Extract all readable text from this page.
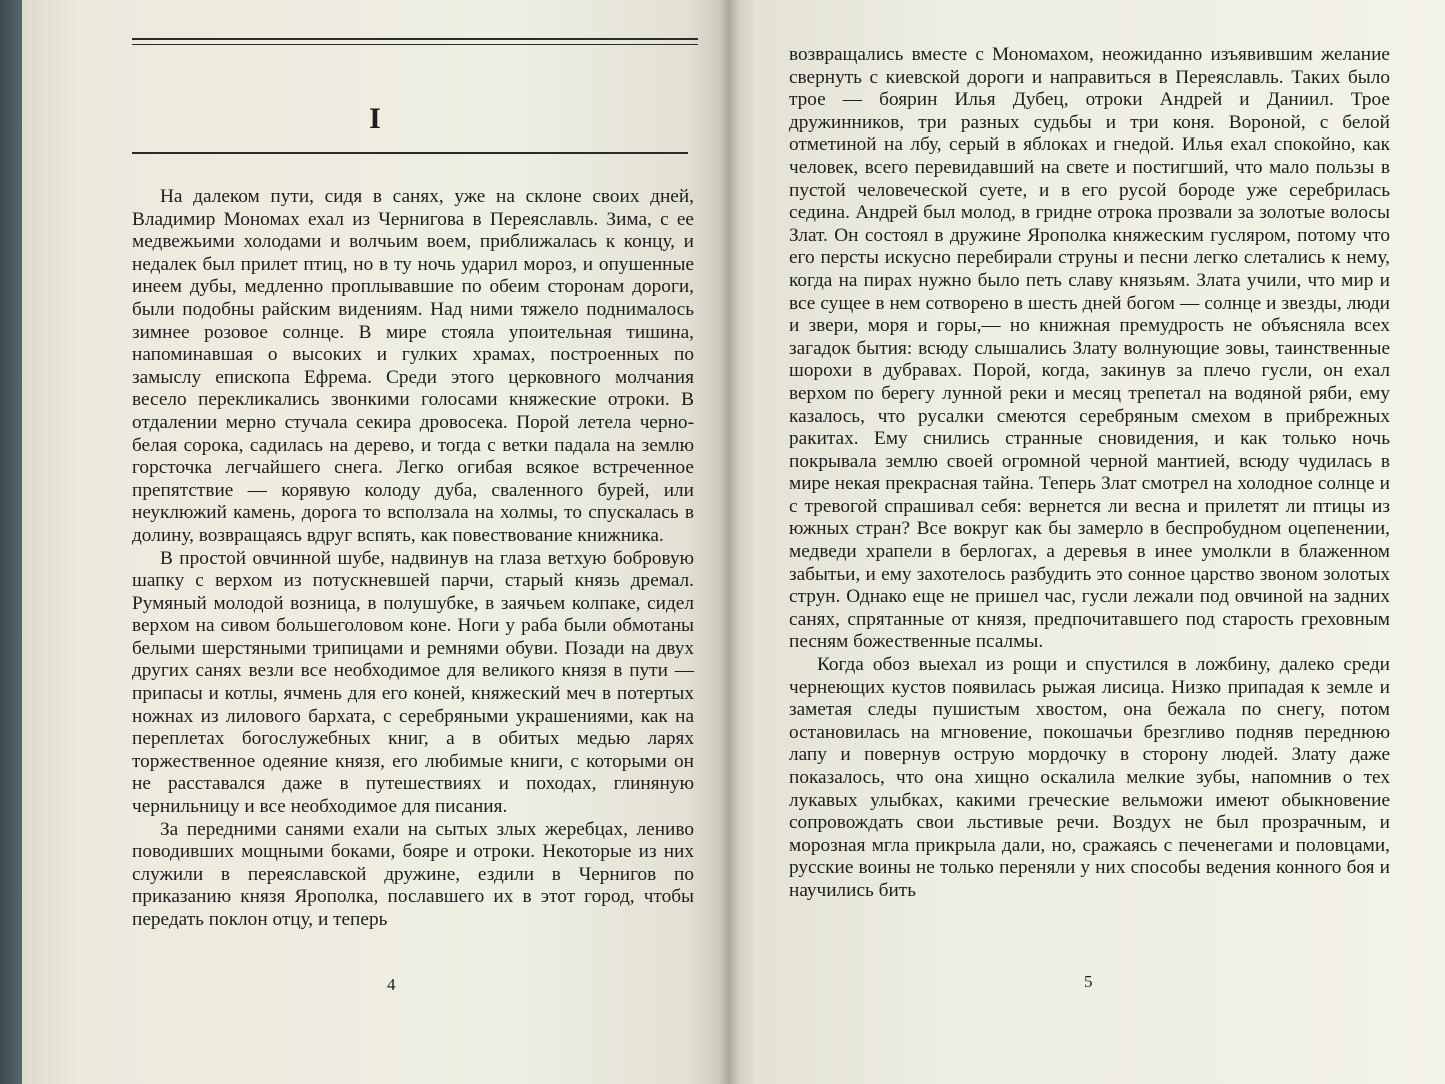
I

На далеком пути, сидя в санях, уже на склоне своих дней, Владимир Мономах ехал из Чернигова в Переяславль. Зима, с ее медвежьими холодами и волчьим воем, приближалась к концу, и недалек был прилет птиц, но в ту ночь ударил мороз, и опушенные инеем дубы, медленно проплывавшие по обеим сторонам дороги, были подобны райским видениям. Над ними тяжело поднималось зимнее розовое солнце. В мире стояла упоительная тишина, напоминавшая о высоких и гулких храмах, построенных по замыслу епископа Ефрема. Среди этого церковного молчания весело перекликались звонкими голосами княжеские отроки. В отдалении мерно стучала секира дровосека. Порой летела черно-белая сорока, садилась на дерево, и тогда с ветки падала на землю горсточка легчайшего снега. Легко огибая всякое встреченное препятствие — корявую колоду дуба, сваленного бурей, или неуклюжий камень, дорога то всползала на холмы, то спускалась в долину, возвращаясь вдруг вспять, как повествование книжника.

В простой овчинной шубе, надвинув на глаза ветхую бобровую шапку с верхом из потускневшей парчи, старый князь дремал. Румяный молодой возница, в полушубке, в заячьем колпаке, сидел верхом на сивом большеголовом коне. Ноги у раба были обмотаны белыми шерстяными трипицами и ремнями обуви. Позади на двух других санях везли все необходимое для великого князя в пути — припасы и котлы, ячмень для его коней, княжеский меч в потертых ножнах из лилового бархата, с серебряными украшениями, как на переплетах богослужебных книг, а в обитых медью ларях торжественное одеяние князя, его любимые книги, с которыми он не расставался даже в путешествиях и походах, глиняную чернильницу и все необходимое для писания.

За передними санями ехали на сытых злых жеребцах, лениво поводивших мощными боками, бояре и отроки. Некоторые из них служили в переяславской дружине, ездили в Чернигов по приказанию князя Ярополка, пославшего их в этот город, чтобы передать поклон отцу, и теперь

4

возвращались вместе с Мономахом, неожиданно изъявившим желание свернуть с киевской дороги и направиться в Переяславль. Таких было трое — боярин Илья Дубец, отроки Андрей и Даниил. Трое дружинников, три разных судьбы и три коня. Вороной, с белой отметиной на лбу, серый в яблоках и гнедой. Илья ехал спокойно, как человек, всего перевидавший на свете и постигший, что мало пользы в пустой человеческой суете, и в его русой бороде уже серебрилась седина. Андрей был молод, в гридне отрока прозвали за золотые волосы Злат. Он состоял в дружине Ярополка княжеским гусляром, потому что его персты искусно перебирали струны и песни легко слетались к нему, когда на пирах нужно было петь славу князьям. Злата учили, что мир и все сущее в нем сотворено в шесть дней богом — солнце и звезды, люди и звери, моря и горы,— но книжная премудрость не объясняла всех загадок бытия: всюду слышались Злату волнующие зовы, таинственные шорохи в дубравах. Порой, когда, закинув за плечо гусли, он ехал верхом по берегу лунной реки и месяц трепетал на водяной ряби, ему казалось, что русалки смеются серебряным смехом в прибрежных ракитах. Ему снились странные сновидения, и как только ночь покрывала землю своей огромной черной мантией, всюду чудилась в мире некая прекрасная тайна. Теперь Злат смотрел на холодное солнце и с тревогой спрашивал себя: вернется ли весна и прилетят ли птицы из южных стран? Все вокруг как бы замерло в беспробудном оцепенении, медведи храпели в берлогах, а деревья в инее умолкли в блаженном забытьи, и ему захотелось разбудить это сонное царство звоном золотых струн. Однако еще не пришел час, гусли лежали под овчиной на задних санях, спрятанные от князя, предпочитавшего под старость греховным песням божественные псалмы.

Когда обоз выехал из рощи и спустился в ложбину, далеко среди чернеющих кустов появилась рыжая лисица. Низко припадая к земле и заметая следы пушистым хвостом, она бежала по снегу, потом остановилась на мгновение, покошачьи брезгливо подняв переднюю лапу и повернув острую мордочку в сторону людей. Злату даже показалось, что она хищно оскалила мелкие зубы, напомнив о тех лукавых улыбках, какими греческие вельможи имеют обыкновение сопровождать свои льстивые речи. Воздух не был прозрачным, и морозная мгла прикрыла дали, но, сражаясь с печенегами и половцами, русские воины не только переняли у них способы ведения конного боя и научились бить

5
